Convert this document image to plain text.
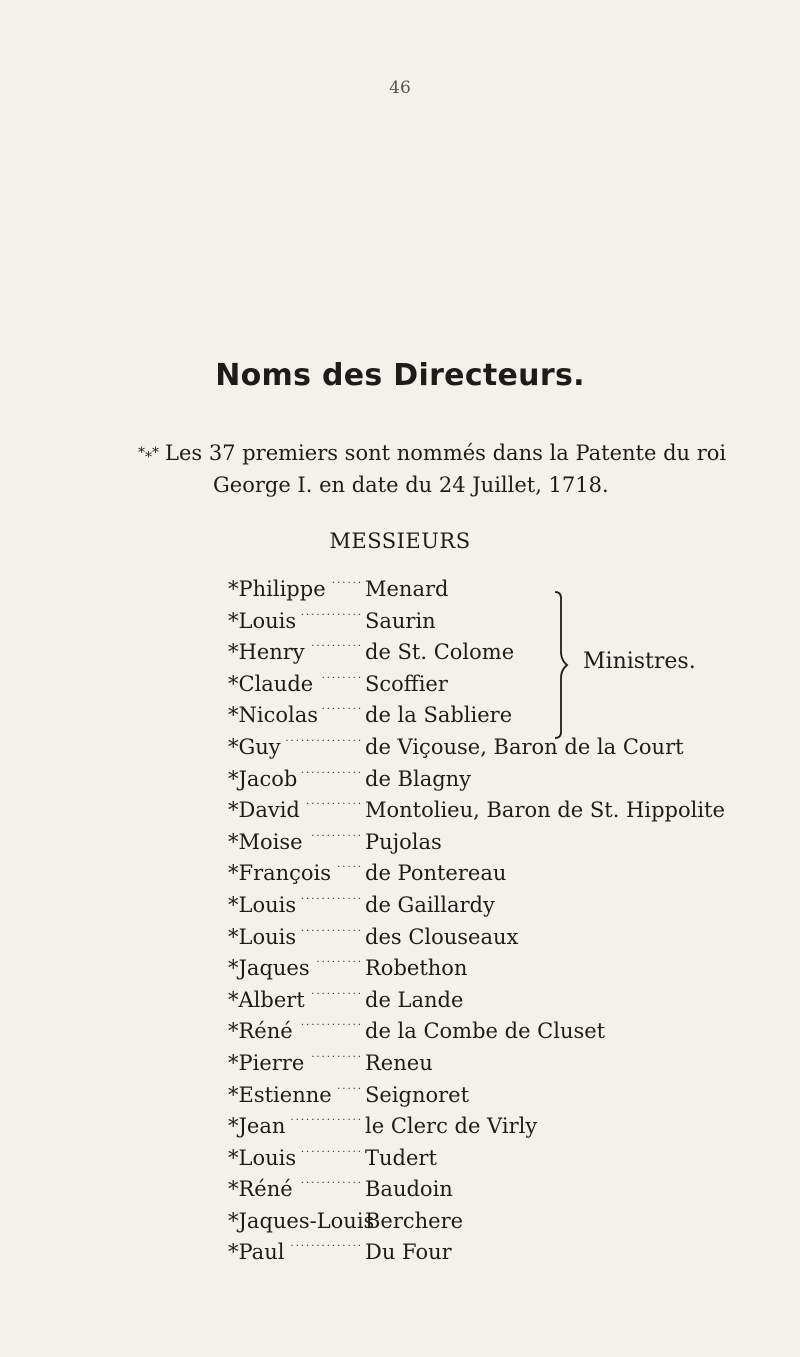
46
Noms des Directeurs.
*⁎* Les 37 premiers sont nommés dans la Patente du roi
George I. en date du 24 Juillet, 1718.
MESSIEURS
*Philippe ...... Menard
*Louis ............ Saurin
*Henry .......... de St. Colome
*Claude ........ Scoffier
*Nicolas ........ de la Sabliere
*Guy ............... de Viçouse, Baron de la Court
*Jacob ............ de Blagny
*David ........... Montolieu, Baron de St. Hippolite
*Moise .......... Pujolas
*François ..... de Pontereau
*Louis ............ de Gaillardy
*Louis ............ des Clouseaux
*Jaques ......... Robethon
*Albert .......... de Lande
*Réné ............ de la Combe de Cluset
*Pierre .......... Reneu
*Estienne ..... Seignoret
*Jean .............. le Clerc de Virly
*Louis ............ Tudert
*Réné ............ Baudoin
*Jaques-Louis
Berchere
*Paul .............. Du Four
Ministres.
